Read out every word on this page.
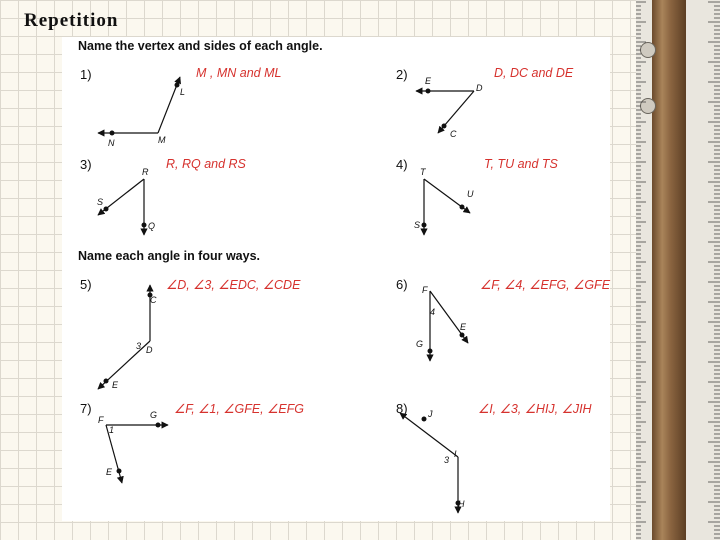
Repetition
Name the vertex and sides of each angle.
Name each angle in four ways.
1)	2)
3)	4)
5)	6)
7)	8)
M , MN and ML	D, DC and DE
R, RQ and RS	T, TU and TS
∠D, ∠3, ∠EDC, ∠CDE	∠F, ∠4, ∠EFG, ∠GFE
∠F, ∠1, ∠GFE, ∠EFG	∠I, ∠3, ∠HIJ, ∠JIH
L
N	M
E
D
C
R
S
Q
T
U
S
C
3 D
E
F
4
E
G
F
1
G
E
J
3
I
H
